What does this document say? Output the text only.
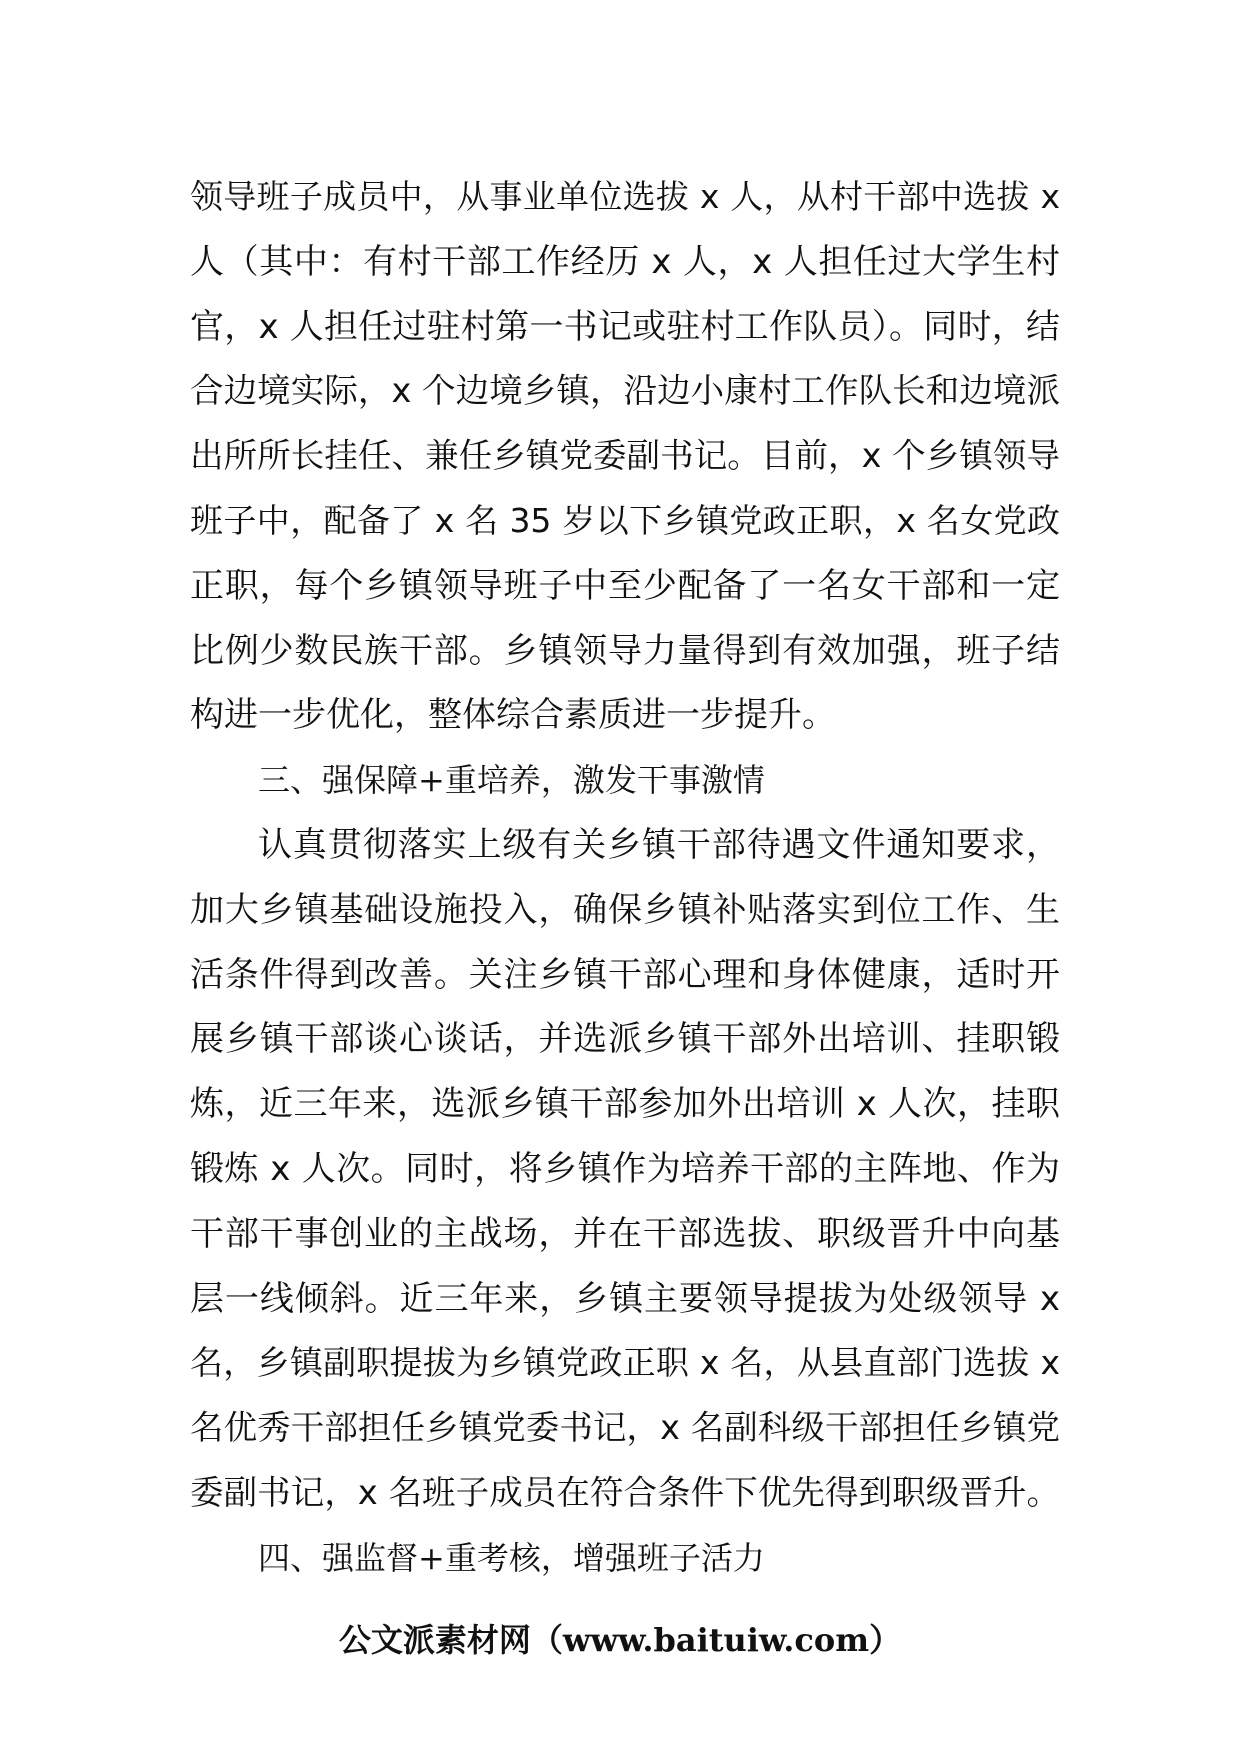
领导班子成员中，从事业单位选拔 x 人，从村干部中选拔 x
人（其中：有村干部工作经历 x 人，x 人担任过大学生村
官，x 人担任过驻村第一书记或驻村工作队员）。同时，结
合边境实际，x 个边境乡镇，沿边小康村工作队长和边境派
出所所长挂任、兼任乡镇党委副书记。目前，x 个乡镇领导
班子中，配备了 x 名 35 岁以下乡镇党政正职，x 名女党政
正职，每个乡镇领导班子中至少配备了一名女干部和一定
比例少数民族干部。乡镇领导力量得到有效加强，班子结
构进一步优化，整体综合素质进一步提升。
三、强保障+重培养，激发干事激情
认真贯彻落实上级有关乡镇干部待遇文件通知要求，
加大乡镇基础设施投入，确保乡镇补贴落实到位工作、生
活条件得到改善。关注乡镇干部心理和身体健康，适时开
展乡镇干部谈心谈话，并选派乡镇干部外出培训、挂职锻
炼，近三年来，选派乡镇干部参加外出培训 x 人次，挂职
锻炼 x 人次。同时，将乡镇作为培养干部的主阵地、作为
干部干事创业的主战场，并在干部选拔、职级晋升中向基
层一线倾斜。近三年来，乡镇主要领导提拔为处级领导 x
名，乡镇副职提拔为乡镇党政正职 x 名，从县直部门选拔 x
名优秀干部担任乡镇党委书记，x 名副科级干部担任乡镇党
委副书记，x 名班子成员在符合条件下优先得到职级晋升。
四、强监督+重考核，增强班子活力
公文派素材网（www.baituiw.com）
